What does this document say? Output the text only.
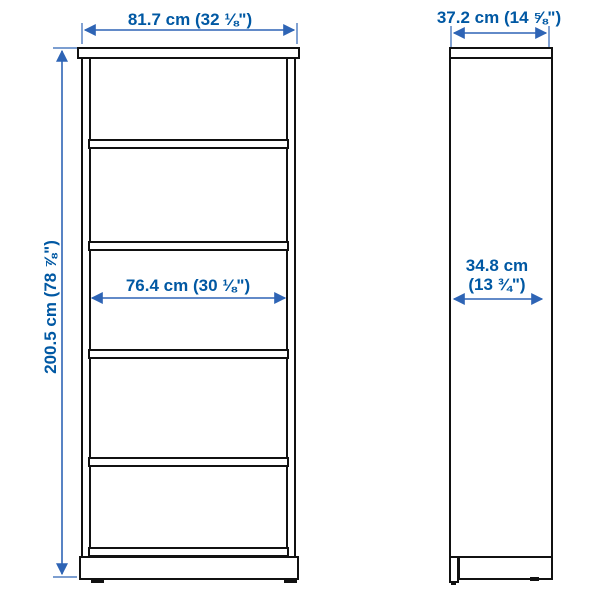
81.7 cm (32 ⅛")	37.2 cm (14 ⅝")
200.5 cm (78 ⅞")	76.4 cm (30 ⅛")
34.8 cm
(13 ¾")
